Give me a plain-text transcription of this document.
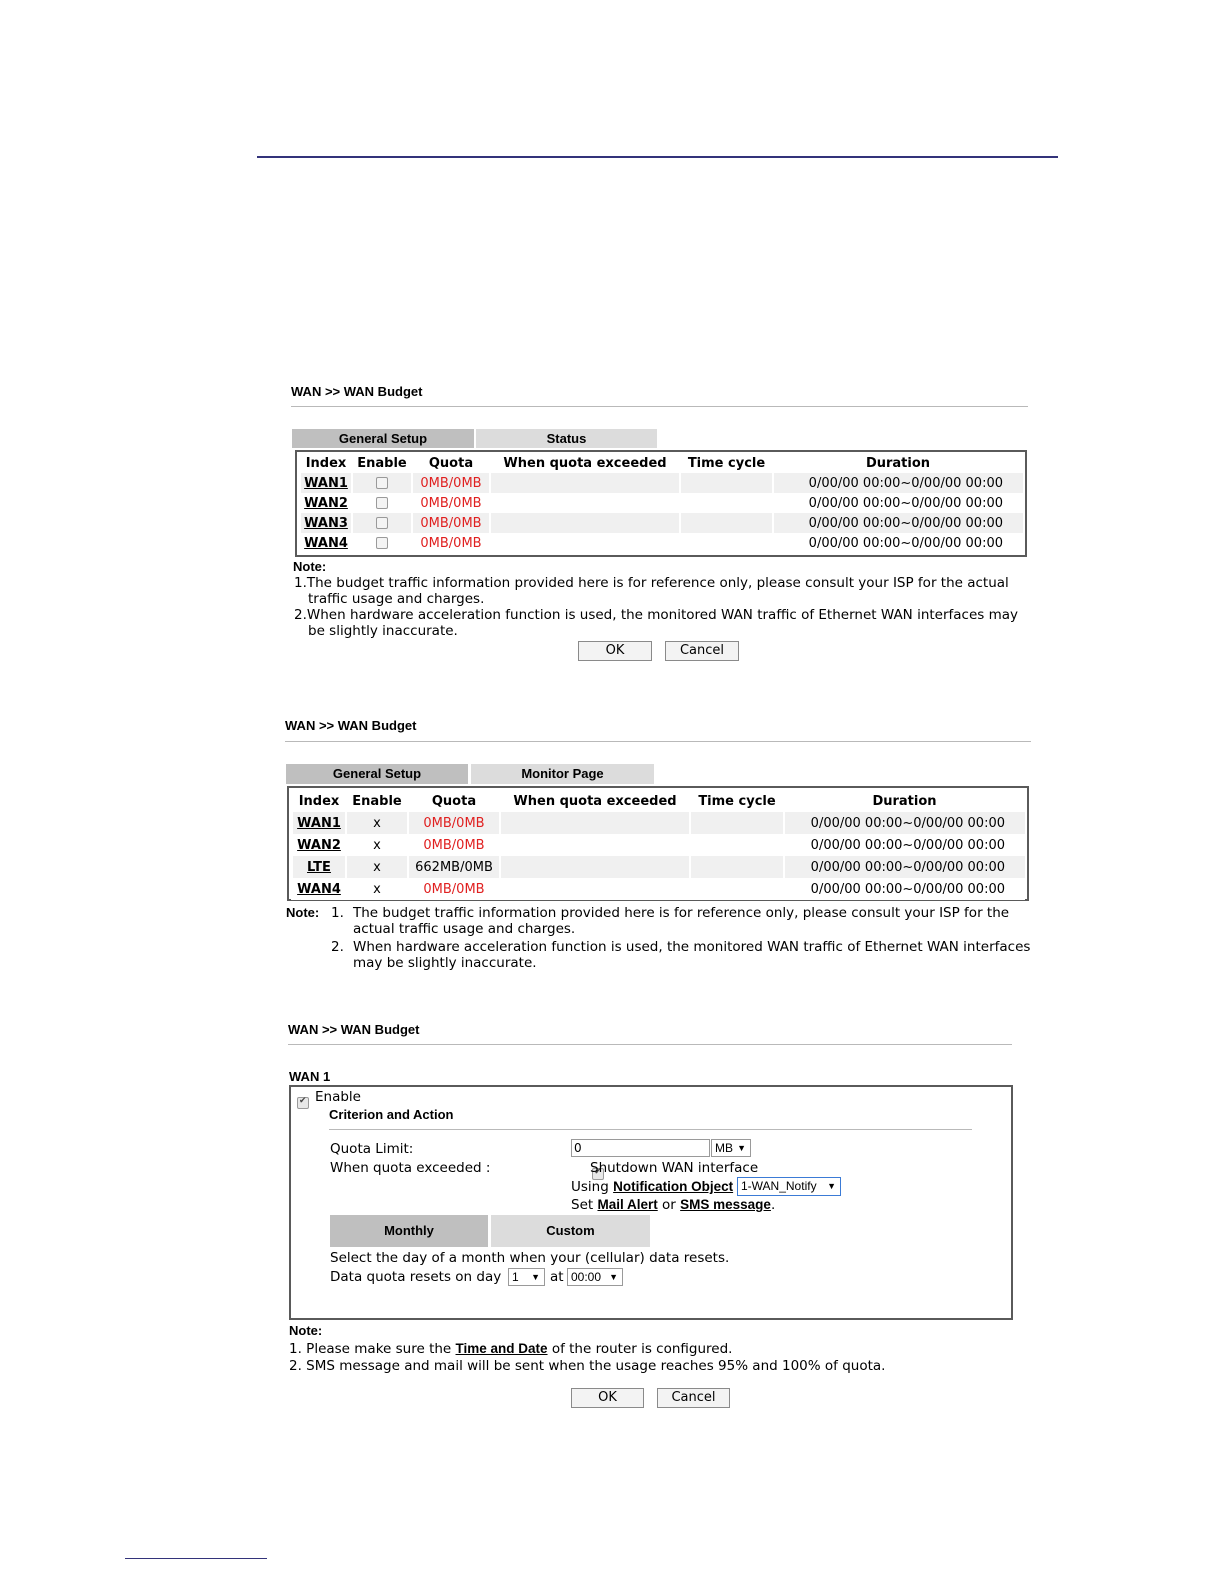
WAN >> WAN Budget
General Setup	Status
Index	Enable	Quota	When quota exceeded	Time cycle	Duration
WAN1		0MB/0MB			0/00/00 00:00~0/00/00 00:00
WAN2		0MB/0MB			0/00/00 00:00~0/00/00 00:00
WAN3		0MB/0MB			0/00/00 00:00~0/00/00 00:00
WAN4		0MB/0MB			0/00/00 00:00~0/00/00 00:00
Note:
1.The budget traffic information provided here is for reference only, please consult your ISP for the actual
traffic usage and charges.
2.When hardware acceleration function is used, the monitored WAN traffic of Ethernet WAN interfaces may
be slightly inaccurate.
OK	Cancel
WAN >> WAN Budget
General Setup	Monitor Page
Index	Enable	Quota	When quota exceeded	Time cycle	Duration
WAN1	x	0MB/0MB			0/00/00 00:00~0/00/00 00:00
WAN2	x	0MB/0MB			0/00/00 00:00~0/00/00 00:00
LTE	x	662MB/0MB			0/00/00 00:00~0/00/00 00:00
WAN4	x	0MB/0MB			0/00/00 00:00~0/00/00 00:00
Note: 1. The budget traffic information provided here is for reference only, please consult your ISP for the
actual traffic usage and charges.
2. When hardware acceleration function is used, the monitored WAN traffic of Ethernet WAN interfaces
may be slightly inaccurate.
WAN >> WAN Budget
WAN 1
✔
Enable
Criterion and Action
Quota Limit:	0	MB ▼
When quota exceeded : ✔	Shutdown WAN interface
Using Notification Object 1-WAN_Notify ▼
Set Mail Alert or SMS message.
Monthly	Custom
Select the day of a month when your (cellular) data resets.
Data quota resets on day 1 ▼ at 00:00 ▼
Note:
1. Please make sure the Time and Date of the router is configured.
2. SMS message and mail will be sent when the usage reaches 95% and 100% of quota.
OK	Cancel
